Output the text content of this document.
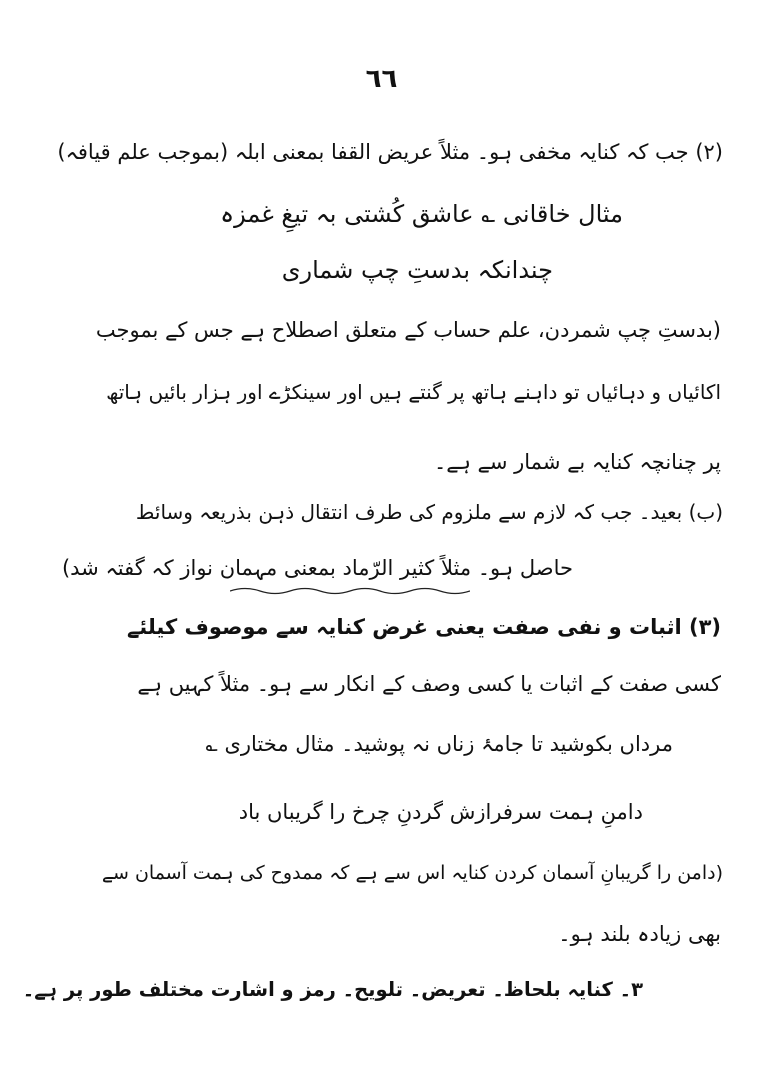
٦٦
(۲) جب کہ کنایہ مخفی ہو۔ مثلاً عریض القفا بمعنی ابلہ (بموجب علم قیافہ)
مثال خاقانی ؎ عاشق کُشتی بہ تیغِ غمزہ
چندانکہ بدستِ چپ شماری
(بدستِ چپ شمردن، علم حساب کے متعلق اصطلاح ہے جس کے بموجب
اکائیاں و دہائیاں تو داہنے ہاتھ پر گنتے ہیں اور سینکڑے اور ہزار بائیں ہاتھ
پر چنانچہ کنایہ بے شمار سے ہے۔
(ب) بعید۔ جب کہ لازم سے ملزوم کی طرف انتقال ذہن بذریعہ وسائط
حاصل ہو۔ مثلاً کثیر الرّماد بمعنی مہمان نواز کہ گفتہ شد)
(۳) اثبات و نفی صفت یعنی غرض کنایہ سے موصوف کیلئے
کسی صفت کے اثبات یا کسی وصف کے انکار سے ہو۔ مثلاً کہیں ہے
مرداں بکوشید تا جامۂ زناں نہ پوشید۔ مثال مختاری ؎
دامنِ ہمت سرفرازش گردنِ چرخ را گریباں باد
(دامن را گریبانِ آسمان کردن کنایہ اس سے ہے کہ ممدوح کی ہمت آسمان سے
بھی زیادہ بلند ہو۔
۳۔ کنایہ بلحاظ۔ تعریض۔ تلویح۔ رمز و اشارت مختلف طور پر ہے۔
